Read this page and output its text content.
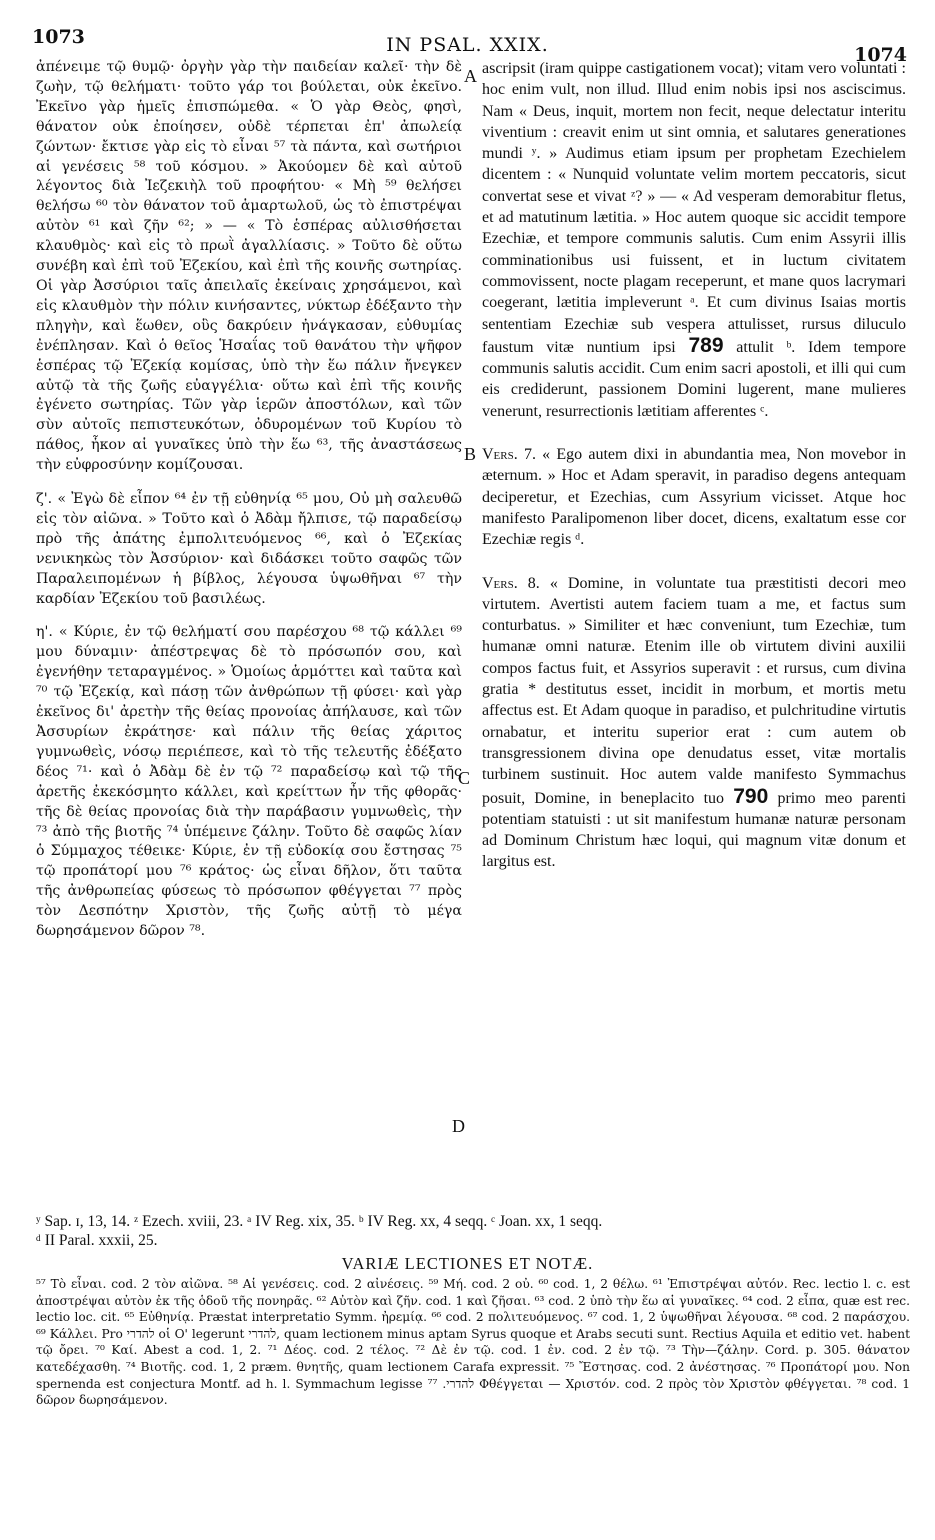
1073	IN PSAL. XXIX.	1074

ἀπένειμε τῷ θυμῷ· ὀργὴν γὰρ τὴν παιδείαν καλεῖ· τὴν δὲ ζωὴν, τῷ θελήματι· τοῦτο γάρ τοι βούλεται, οὐκ ἐκεῖνο. Ἐκεῖνο γὰρ ἡμεῖς ἐπισπώμεθα. « Ὁ γὰρ Θεὸς, φησὶ, θάνατον οὐκ ἐποίησεν, οὐδὲ τέρπεται ἐπ' ἀπωλείᾳ ζώντων· ἔκτισε γὰρ εἰς τὸ εἶναι ⁵⁷ τὰ πάντα, καὶ σωτήριοι αἱ γενέσεις ⁵⁸ τοῦ κόσμου. » Ἀκούομεν δὲ καὶ αὐτοῦ λέγοντος διὰ Ἰεζεκιὴλ τοῦ προφήτου· « Μὴ ⁵⁹ θελήσει θελήσω ⁶⁰ τὸν θάνατον τοῦ ἁμαρτωλοῦ, ὡς τὸ ἐπιστρέψαι αὐτὸν ⁶¹ καὶ ζῆν ⁶²; » — « Τὸ ἑσπέρας αὐλισθήσεται κλαυθμὸς· καὶ εἰς τὸ πρωῒ ἀγαλλίασις. » Τοῦτο δὲ οὕτω συνέβη καὶ ἐπὶ τοῦ Ἐζεκίου, καὶ ἐπὶ τῆς κοινῆς σωτηρίας. Οἱ γὰρ Ἀσσύριοι ταῖς ἀπειλαῖς ἐκείναις χρησάμενοι, καὶ εἰς κλαυθμὸν τὴν πόλιν κινήσαντες, νύκτωρ ἐδέξαντο τὴν πληγὴν, καὶ ἕωθεν, οὓς δακρύειν ἠνάγκασαν, εὐθυμίας ἐνέπλησαν. Καὶ ὁ θεῖος Ἡσαΐας τοῦ θανάτου τὴν ψῆφον ἑσπέρας τῷ Ἐζεκίᾳ κομίσας, ὑπὸ τὴν ἕω πάλιν ἤνεγκεν αὐτῷ τὰ τῆς ζωῆς εὐαγγέλια· οὕτω καὶ ἐπὶ τῆς κοινῆς ἐγένετο σωτηρίας. Τῶν γὰρ ἱερῶν ἀποστόλων, καὶ τῶν σὺν αὐτοῖς πεπιστευκότων, ὀδυρομένων τοῦ Κυρίου τὸ πάθος, ἧκον αἱ γυναῖκες ὑπὸ τὴν ἕω ⁶³, τῆς ἀναστάσεως τὴν εὐφροσύνην κομίζουσαι.

ζ'. « Ἐγὼ δὲ εἶπον ⁶⁴ ἐν τῇ εὐθηνίᾳ ⁶⁵ μου, Οὐ μὴ σαλευθῶ εἰς τὸν αἰῶνα. » Τοῦτο καὶ ὁ Ἀδὰμ ἤλπισε, τῷ παραδείσῳ πρὸ τῆς ἀπάτης ἐμπολιτευόμενος ⁶⁶, καὶ ὁ Ἐζεκίας νενικηκὼς τὸν Ἀσσύριον· καὶ διδάσκει τοῦτο σαφῶς τῶν Παραλειπομένων ἡ βίβλος, λέγουσα ὑψωθῆναι ⁶⁷ τὴν καρδίαν Ἐζεκίου τοῦ βασιλέως.

η'. « Κύριε, ἐν τῷ θελήματί σου παρέσχου ⁶⁸ τῷ κάλλει ⁶⁹ μου δύναμιν· ἀπέστρεψας δὲ τὸ πρόσωπόν σου, καὶ ἐγενήθην τεταραγμένος. » Ὁμοίως ἁρμόττει καὶ ταῦτα καὶ ⁷⁰ τῷ Ἐζεκίᾳ, καὶ πάσῃ τῶν ἀνθρώπων τῇ φύσει· καὶ γὰρ ἐκεῖνος δι' ἀρετὴν τῆς θείας προνοίας ἀπήλαυσε, καὶ τῶν Ἀσσυρίων ἐκράτησε· καὶ πάλιν τῆς θείας χάριτος γυμνωθεὶς, νόσῳ περιέπεσε, καὶ τὸ τῆς τελευτῆς ἐδέξατο δέος ⁷¹· καὶ ὁ Ἀδὰμ δὲ ἐν τῷ ⁷² παραδείσῳ καὶ τῷ τῆς ἀρετῆς ἐκεκόσμητο κάλλει, καὶ κρείττων ἦν τῆς φθορᾶς· τῆς δὲ θείας προνοίας διὰ τὴν παράβασιν γυμνωθεὶς, τὴν ⁷³ ἀπὸ τῆς βιοτῆς ⁷⁴ ὑπέμεινε ζάλην. Τοῦτο δὲ σαφῶς λίαν ὁ Σύμμαχος τέθεικε· Κύριε, ἐν τῇ εὐδοκίᾳ σου ἔστησας ⁷⁵ τῷ προπάτορί μου ⁷⁶ κράτος· ὡς εἶναι δῆλον, ὅτι ταῦτα τῆς ἀνθρωπείας φύσεως τὸ πρόσωπον φθέγγεται ⁷⁷ πρὸς τὸν Δεσπότην Χριστὸν, τῆς ζωῆς αὐτῇ τὸ μέγα δωρησάμενον δῶρον ⁷⁸.

A
B
C
D

ascripsit (iram quippe castigationem vocat); vitam vero voluntati : hoc enim vult, non illud. Illud enim nobis ipsi nos asciscimus. Nam « Deus, inquit, mortem non fecit, neque delectatur interitu viventium : creavit enim ut sint omnia, et salutares generationes mundi ʸ. » Audimus etiam ipsum per prophetam Ezechielem dicentem : « Nunquid voluntate velim mortem peccatoris, sicut convertat sese et vivat ᶻ? » — « Ad vesperam demorabitur fletus, et ad matutinum lætitia. » Hoc autem quoque sic accidit tempore Ezechiæ, et tempore communis salutis. Cum enim Assyrii illis comminationibus usi fuissent, et in luctum civitatem commovissent, nocte plagam receperunt, et mane quos lacrymari coegerant, lætitia impleverunt ᵃ. Et cum divinus Isaias mortis sententiam Ezechiæ sub vespera attulisset, rursus diluculo faustum vitæ nuntium ipsi 789 attulit ᵇ. Idem tempore communis salutis accidit. Cum enim sacri apostoli, et illi qui cum eis crediderunt, passionem Domini lugerent, mane mulieres venerunt, resurrectionis lætitiam afferentes ᶜ.

Vers. 7. « Ego autem dixi in abundantia mea, Non movebor in æternum. » Hoc et Adam speravit, in paradiso degens antequam deciperetur, et Ezechias, cum Assyrium vicisset. Atque hoc manifesto Paralipomenon liber docet, dicens, exaltatum esse cor Ezechiæ regis ᵈ.

Vers. 8. « Domine, in voluntate tua præstitisti decori meo virtutem. Avertisti autem faciem tuam a me, et factus sum conturbatus. » Similiter et hæc conveniunt, tum Ezechiæ, tum humanæ omni naturæ. Etenim ille ob virtutem divini auxilii compos factus fuit, et Assyrios superavit : et rursus, cum divina gratia * destitutus esset, incidit in morbum, et mortis metu affectus est. Et Adam quoque in paradiso, et pulchritudine virtutis ornabatur, et interitu superior erat : cum autem ob transgressionem divina ope denudatus esset, vitæ mortalis turbinem sustinuit. Hoc autem valde manifesto Symmachus posuit, Domine, in beneplacito tuo 790 primo meo parenti potentiam statuisti : ut sit manifestum humanæ naturæ personam ad Dominum Christum hæc loqui, qui magnum vitæ donum et largitus est.

ʸ Sap. ɪ, 13, 14. ᶻ Ezech. xviii, 23. ᵃ IV Reg. xix, 35. ᵇ IV Reg. xx, 4 seqq. ᶜ Joan. xx, 1 seqq.

ᵈ II Paral. xxxii, 25.

VARIÆ LECTIONES ET NOTÆ.

⁵⁷ Τὸ εἶναι. cod. 2 τὸν αἰῶνα. ⁵⁸ Αἱ γενέσεις. cod. 2 αἰνέσεις. ⁵⁹ Μή. cod. 2 οὐ. ⁶⁰ cod. 1, 2 θέλω. ⁶¹ Ἐπιστρέψαι αὐτόν. Rec. lectio l. c. est ἀποστρέψαι αὐτὸν ἐκ τῆς ὁδοῦ τῆς πονηρᾶς. ⁶² Αὐτὸν καὶ ζῆν. cod. 1 καὶ ζῆσαι. ⁶³ cod. 2 ὑπὸ τὴν ἕω αἱ γυναῖκες. ⁶⁴ cod. 2 εἶπα, quæ est rec. lectio loc. cit. ⁶⁵ Εὐθηνίᾳ. Præstat interpretatio Symm. ἠρεμίᾳ. ⁶⁶ cod. 2 πολιτευόμενος. ⁶⁷ cod. 1, 2 ὑψωθῆναι λέγουσα. ⁶⁸ cod. 2 παράσχου. ⁶⁹ Κάλλει. Pro להדרי οἱ Ο' legerunt להדרי, quam lectionem minus aptam Syrus quoque et Arabs secuti sunt. Rectius Aquila et editio vet. habent τῷ ὄρει. ⁷⁰ Καί. Abest a cod. 1, 2. ⁷¹ Δέος. cod. 2 τέλος. ⁷² Δὲ ἐν τῷ. cod. 1 ἐν. cod. 2 ἐν τῷ. ⁷³ Τὴν—ζάλην. Cord. p. 305. θάνατον κατεδέχασθη. ⁷⁴ Βιοτῆς. cod. 1, 2 præm. θνητῆς, quam lectionem Carafa expressit. ⁷⁵ Ἔστησας. cod. 2 ἀνέστησας. ⁷⁶ Προπάτορί μου. Non spernenda est conjectura Montf. ad h. l. Symmachum legisse להדרי. ⁷⁷ Φθέγγεται — Χριστόν. cod. 2 πρὸς τὸν Χριστὸν φθέγγεται. ⁷⁸ cod. 1 δῶρον δωρησάμενον.
